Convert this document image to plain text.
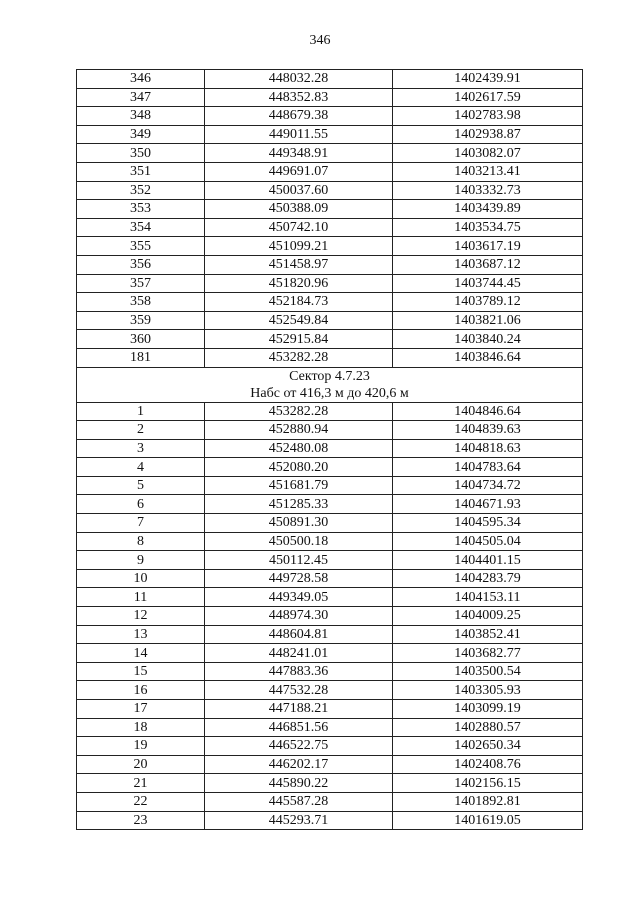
346
346	448032.28	1402439.91
347	448352.83	1402617.59
348	448679.38	1402783.98
349	449011.55	1402938.87
350	449348.91	1403082.07
351	449691.07	1403213.41
352	450037.60	1403332.73
353	450388.09	1403439.89
354	450742.10	1403534.75
355	451099.21	1403617.19
356	451458.97	1403687.12
357	451820.96	1403744.45
358	452184.73	1403789.12
359	452549.84	1403821.06
360	452915.84	1403840.24
181	453282.28	1403846.64

Сектор 4.7.23
Набс от 416,3 м до 420,6 м		

1	453282.28	1404846.64
2	452880.94	1404839.63
3	452480.08	1404818.63
4	452080.20	1404783.64
5	451681.79	1404734.72
6	451285.33	1404671.93
7	450891.30	1404595.34
8	450500.18	1404505.04
9	450112.45	1404401.15
10	449728.58	1404283.79
11	449349.05	1404153.11
12	448974.30	1404009.25
13	448604.81	1403852.41
14	448241.01	1403682.77
15	447883.36	1403500.54
16	447532.28	1403305.93
17	447188.21	1403099.19
18	446851.56	1402880.57
19	446522.75	1402650.34
20	446202.17	1402408.76
21	445890.22	1402156.15
22	445587.28	1401892.81
23	445293.71	1401619.05
